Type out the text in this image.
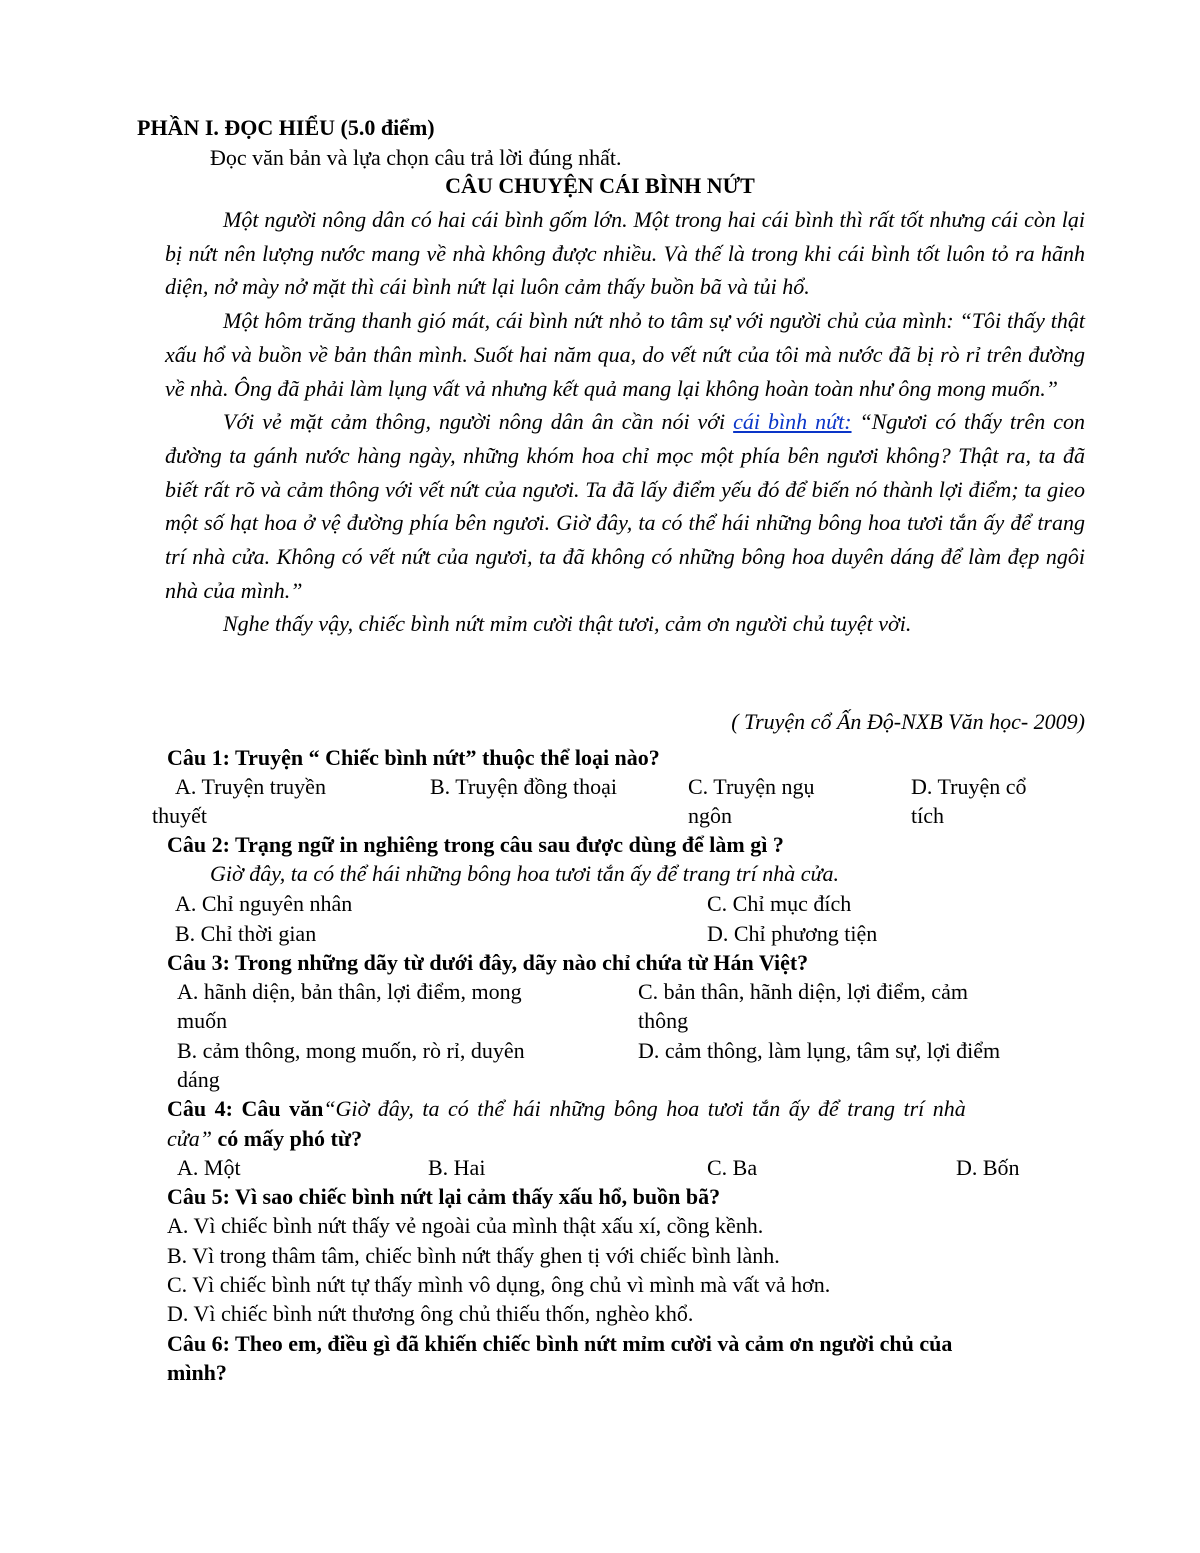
PHẦN I. ĐỌC HIỂU (5.0 điểm)
Đọc văn bản và lựa chọn câu trả lời đúng nhất.
CÂU CHUYỆN CÁI BÌNH NỨT

Một người nông dân có hai cái bình gốm lớn. Một trong hai cái bình thì rất tốt nhưng cái còn lại bị nứt nên lượng nước mang về nhà không được nhiều. Và thế là trong khi cái bình tốt luôn tỏ ra hãnh diện, nở mày nở mặt thì cái bình nứt lại luôn cảm thấy buồn bã và tủi hổ.

Một hôm trăng thanh gió mát, cái bình nứt nhỏ to tâm sự với người chủ của mình: “Tôi thấy thật xấu hổ và buồn về bản thân mình. Suốt hai năm qua, do vết nứt của tôi mà nước đã bị rò rỉ trên đường về nhà. Ông đã phải làm lụng vất vả nhưng kết quả mang lại không hoàn toàn như ông mong muốn.”

Với vẻ mặt cảm thông, người nông dân ân cần nói với cái bình nứt: “Ngươi có thấy trên con đường ta gánh nước hàng ngày, những khóm hoa chỉ mọc một phía bên ngươi không? Thật ra, ta đã biết rất rõ và cảm thông với vết nứt của ngươi. Ta đã lấy điểm yếu đó để biến nó thành lợi điểm; ta gieo một số hạt hoa ở vệ đường phía bên ngươi. Giờ đây, ta có thể hái những bông hoa tươi tắn ấy để trang trí nhà cửa. Không có vết nứt của ngươi, ta đã không có những bông hoa duyên dáng để làm đẹp ngôi nhà của mình.”

Nghe thấy vậy, chiếc bình nứt mỉm cười thật tươi, cảm ơn người chủ tuyệt vời.

( Truyện cổ Ấn Độ-NXB Văn học- 2009)
Câu 1: Truyện “ Chiếc bình nứt” thuộc thể loại nào?
A. Truyện truyền
thuyết
B. Truyện đồng thoại	C. Truyện ngụ
ngôn
D. Truyện cổ
tích
Câu 2: Trạng ngữ in nghiêng trong câu sau được dùng để làm gì ?
Giờ đây, ta có thể hái những bông hoa tươi tắn ấy để trang trí nhà cửa.
A. Chỉ nguyên nhân	C. Chỉ mục đích
B. Chỉ thời gian	D. Chỉ phương tiện
Câu 3: Trong những dãy từ dưới đây, dãy nào chỉ chứa từ Hán Việt?
A. hãnh diện, bản thân, lợi điểm, mong
muốn
C. bản thân, hãnh diện, lợi điểm, cảm
thông
B. cảm thông, mong muốn, rò rỉ, duyên
dáng
D. cảm thông, làm lụng, tâm sự, lợi điểm
Câu 4: Câu văn“Giờ đây, ta có thể hái những bông hoa tươi tắn ấy để trang trí nhà
cửa” có mấy phó từ?
A. Một	B. Hai	C. Ba	D. Bốn
Câu 5: Vì sao chiếc bình nứt lại cảm thấy xấu hổ, buồn bã?
A. Vì chiếc bình nứt thấy vẻ ngoài của mình thật xấu xí, cồng kềnh.
B. Vì trong thâm tâm, chiếc bình nứt thấy ghen tị với chiếc bình lành.
C. Vì chiếc bình nứt tự thấy mình vô dụng, ông chủ vì mình mà vất vả hơn.
D. Vì chiếc bình nứt thương ông chủ thiếu thốn, nghèo khổ.
Câu 6: Theo em, điều gì đã khiến chiếc bình nứt mỉm cười và cảm ơn người chủ của
mình?
